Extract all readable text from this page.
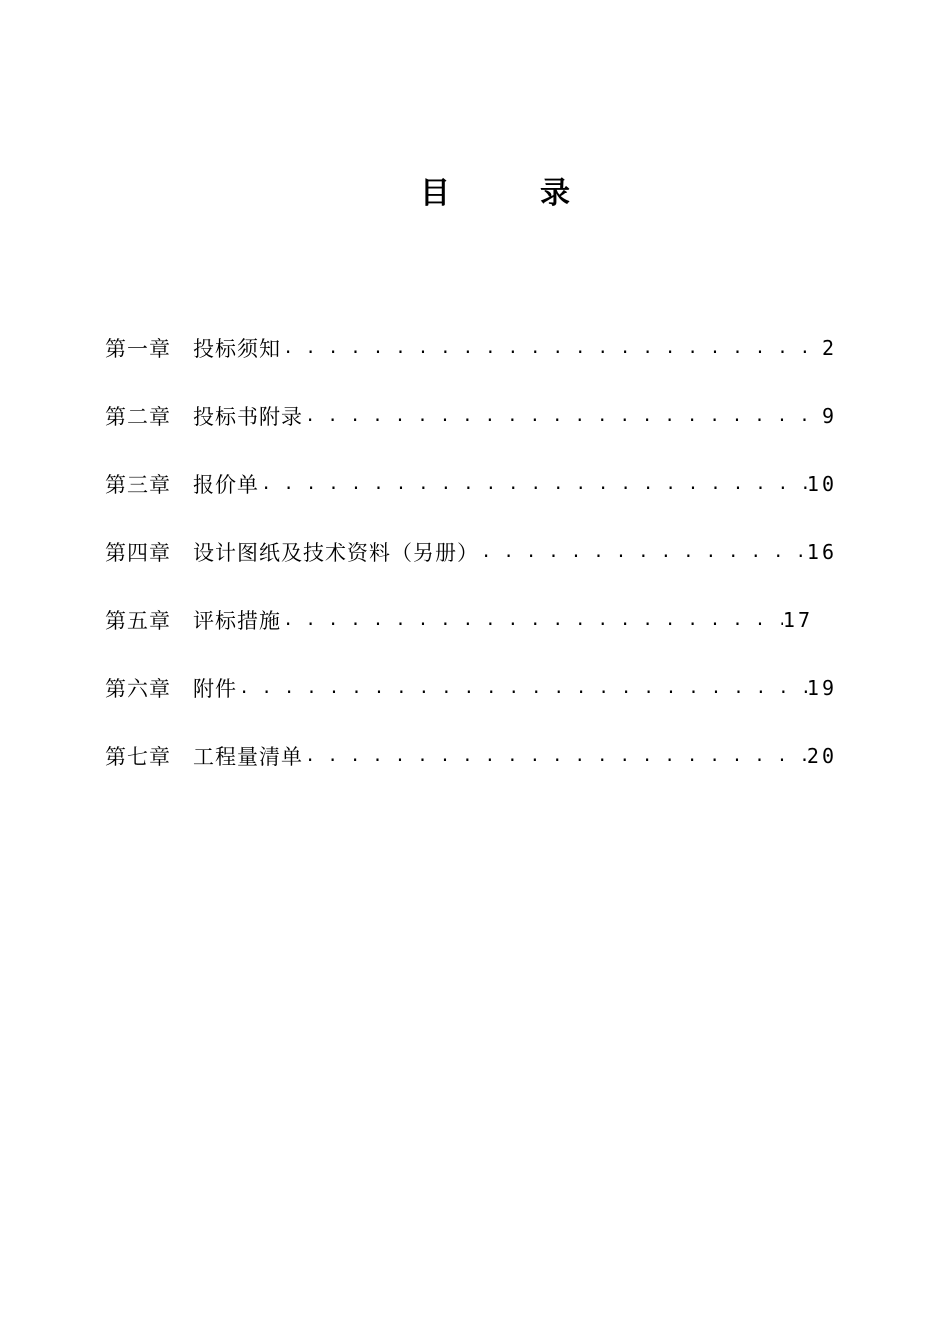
目	录
第一章	投标须知 . . .	2
第二章	投标书附录 . . .	9
第三章	报价单 . . .	10
第四章	设计图纸及技术资料（另册） . . .	16
第五章	评标措施 . . .	17
第六章	附件 . . .	19
第七章	工程量清单 . . .	20
